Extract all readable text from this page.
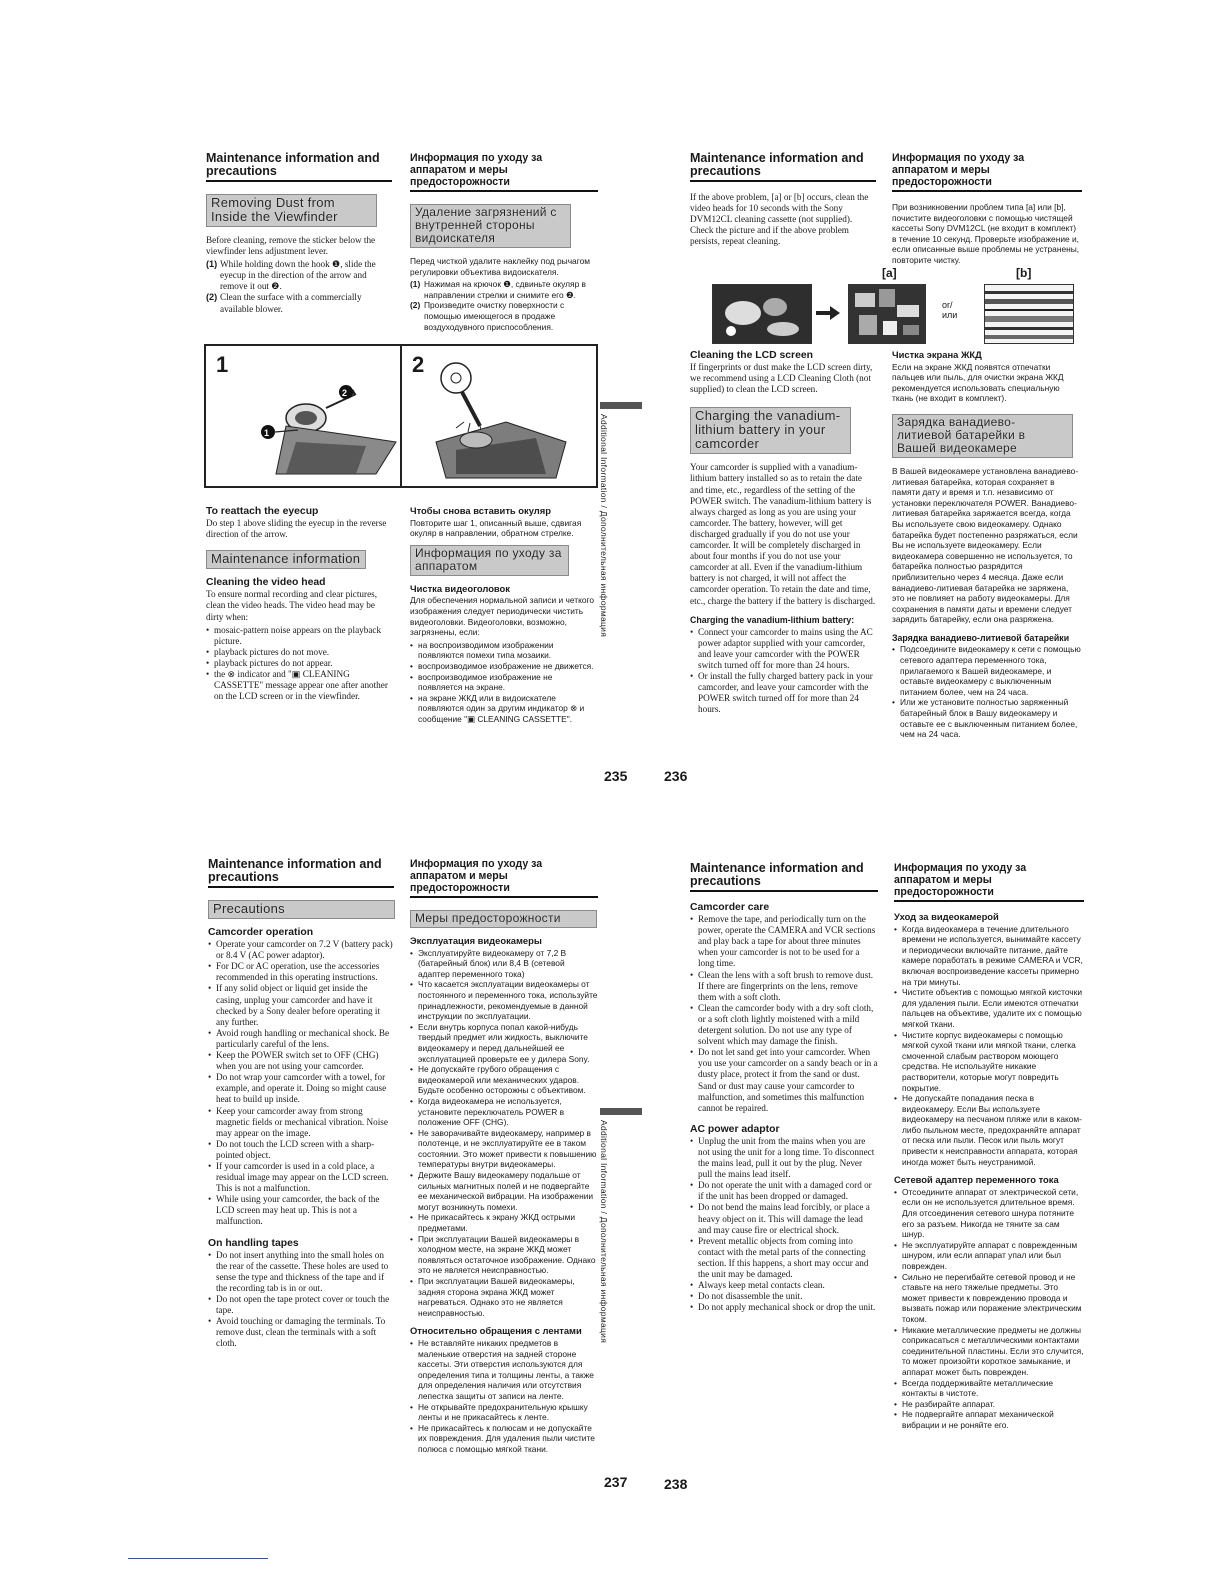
Maintenance information and precautions
Removing Dust from Inside the Viewfinder

Before cleaning, remove the sticker below the viewfinder lens adjustment lever.

(1) While holding down the hook ❶, slide the eyecup in the direction of the arrow and remove it out ❷.
(2) Clean the surface with a commercially available blower.
Информация по уходу за аппаратом и меры предосторожности
Удаление загрязнений с внутренней стороны видоискателя

Перед чисткой удалите наклейку под рычагом регулировки объектива видоискателя.

(1) Нажимая на крючок ❶, сдвиньте окуляр в направлении стрелки и снимите его ❷.
(2) Произведите очистку поверхности с помощью имеющегося в продаже воздуходувного приспособления.
1	2
2
1
To reattach the eyecup

Do step 1 above sliding the eyecup in the reverse direction of the arrow.

Maintenance information
Cleaning the video head

To ensure normal recording and clear pictures, clean the video heads. The video head may be dirty when:

• mosaic-pattern noise appears on the playback picture.
• playback pictures do not move.
• playback pictures do not appear.
• the ⊗ indicator and "▣ CLEANING CASSETTE" message appear one after another on the LCD screen or in the viewfinder.
Чтобы снова вставить окуляр

Повторите шаг 1, описанный выше, сдвигая окуляр в направлении, обратном стрелке.

Информация по уходу за аппаратом
Чистка видеоголовок

Для обеспечения нормальной записи и четкого изображения следует периодически чистить видеоголовки. Видеоголовки, возможно, загрязнены, если:

• на воспроизводимом изображении появляются помехи типа мозаики.
• воспроизводимое изображение не движется.
• воспроизводимое изображение не появляется на экране.
• на экране ЖКД или в видоискателе появляются один за другим индикатор ⊗ и сообщение "▣ CLEANING CASSETTE".
Additional Information / Дополнительная информация
235	236
Maintenance information and precautions

If the above problem, [a] or [b] occurs, clean the video heads for 10 seconds with the Sony DVM12CL cleaning cassette (not supplied). Check the picture and if the above problem persists, repeat cleaning.

Информация по уходу за аппаратом и меры предосторожности

При возникновении проблем типа [a] или [b], почистите видеоголовки с помощью чистящей кассеты Sony DVM12CL (не входит в комплект) в течение 10 секунд. Проверьте изображение и, если описанные выше проблемы не устранены, повторите чистку.

[a]	[b]
or/
или
Cleaning the LCD screen

If fingerprints or dust make the LCD screen dirty, we recommend using a LCD Cleaning Cloth (not supplied) to clean the LCD screen.

Charging the vanadium-lithium battery in your camcorder

Your camcorder is supplied with a vanadium-lithium battery installed so as to retain the date and time, etc., regardless of the setting of the POWER switch. The vanadium-lithium battery is always charged as long as you are using your camcorder. The battery, however, will get discharged gradually if you do not use your camcorder. It will be completely discharged in about four months if you do not use your camcorder at all. Even if the vanadium-lithium battery is not charged, it will not affect the camcorder operation. To retain the date and time, etc., charge the battery if the battery is discharged.

Charging the vanadium-lithium battery:
• Connect your camcorder to mains using the AC power adaptor supplied with your camcorder, and leave your camcorder with the POWER switch turned off for more than 24 hours.
• Or install the fully charged battery pack in your camcorder, and leave your camcorder with the POWER switch turned off for more than 24 hours.
Чистка экрана ЖКД

Если на экране ЖКД появятся отпечатки пальцев или пыль, для очистки экрана ЖКД рекомендуется использовать специальную ткань (не входит в комплект).

Зарядка ванадиево-литиевой батарейки в Вашей видеокамере

В Вашей видеокамере установлена ванадиево-литиевая батарейка, которая сохраняет в памяти дату и время и т.п. независимо от установки переключателя POWER. Ванадиево-литиевая батарейка заряжается всегда, когда Вы используете свою видеокамеру. Однако батарейка будет постепенно разряжаться, если Вы не используете видеокамеру. Если видеокамера совершенно не используется, то батарейка полностью разрядится приблизительно через 4 месяца. Даже если ванадиево-литиевая батарейка не заряжена, это не повлияет на работу видеокамеры. Для сохранения в памяти даты и времени следует зарядить батарейку, если она разряжена.

Зарядка ванадиево-литиевой батарейки
• Подсоедините видеокамеру к сети с помощью сетевого адаптера переменного тока, прилагаемого к Вашей видеокамере, и оставьте видеокамеру с выключенным питанием более, чем на 24 часа.
• Или же установите полностью заряженный батарейный блок в Вашу видеокамеру и оставьте ее с выключенным питанием более, чем на 24 часа.
Maintenance information and precautions
Precautions
Camcorder operation
• Operate your camcorder on 7.2 V (battery pack) or 8.4 V (AC power adaptor).
• For DC or AC operation, use the accessories recommended in this operating instructions.
• If any solid object or liquid get inside the casing, unplug your camcorder and have it checked by a Sony dealer before operating it any further.
• Avoid rough handling or mechanical shock. Be particularly careful of the lens.
• Keep the POWER switch set to OFF (CHG) when you are not using your camcorder.
• Do not wrap your camcorder with a towel, for example, and operate it. Doing so might cause heat to build up inside.
• Keep your camcorder away from strong magnetic fields or mechanical vibration. Noise may appear on the image.
• Do not touch the LCD screen with a sharp-pointed object.
• If your camcorder is used in a cold place, a residual image may appear on the LCD screen. This is not a malfunction.
• While using your camcorder, the back of the LCD screen may heat up. This is not a malfunction.
On handling tapes
• Do not insert anything into the small holes on the rear of the cassette. These holes are used to sense the type and thickness of the tape and if the recording tab is in or out.
• Do not open the tape protect cover or touch the tape.
• Avoid touching or damaging the terminals. To remove dust, clean the terminals with a soft cloth.
Информация по уходу за аппаратом и меры предосторожности
Меры предосторожности
Эксплуатация видеокамеры
• Эксплуатируйте видеокамеру от 7,2 В (батарейный блок) или 8,4 В (сетевой адаптер переменного тока)
• Что касается эксплуатации видеокамеры от постоянного и переменного тока, используйте принадлежности, рекомендуемые в данной инструкции по эксплуатации.
• Если внутрь корпуса попал какой-нибудь твердый предмет или жидкость, выключите видеокамеру и перед дальнейшей ее эксплуатацией проверьте ее у дилера Sony.
• Не допускайте грубого обращения с видеокамерой или механических ударов. Будьте особенно осторожны с объективом.
• Когда видеокамера не используется, установите переключатель POWER в положение OFF (CHG).
• Не заворачивайте видеокамеру, например в полотенце, и не эксплуатируйте ее в таком состоянии. Это может привести к повышению температуры внутри видеокамеры.
• Держите Вашу видеокамеру подальше от сильных магнитных полей и не подвергайте ее механической вибрации. На изображении могут возникнуть помехи.
• Не прикасайтесь к экрану ЖКД острыми предметами.
• При эксплуатации Вашей видеокамеры в холодном месте, на экране ЖКД может появляться остаточное изображение. Однако это не является неисправностью.
• При эксплуатации Вашей видеокамеры, задняя сторона экрана ЖКД может нагреваться. Однако это не является неисправностью.
Относительно обращения с лентами
• Не вставляйте никаких предметов в маленькие отверстия на задней стороне кассеты. Эти отверстия используются для определения типа и толщины ленты, а также для определения наличия или отсутствия лепестка защиты от записи на ленте.
• Не открывайте предохранительную крышку ленты и не прикасайтесь к ленте.
• Не прикасайтесь к полюсам и не допускайте их повреждения. Для удаления пыли чистите полюса с помощью мягкой ткани.
Additional Information / Дополнительная информация
237	238
Maintenance information and precautions
Camcorder care
• Remove the tape, and periodically turn on the power, operate the CAMERA and VCR sections and play back a tape for about three minutes when your camcorder is not to be used for a long time.
• Clean the lens with a soft brush to remove dust. If there are fingerprints on the lens, remove them with a soft cloth.
• Clean the camcorder body with a dry soft cloth, or a soft cloth lightly moistened with a mild detergent solution. Do not use any type of solvent which may damage the finish.
• Do not let sand get into your camcorder. When you use your camcorder on a sandy beach or in a dusty place, protect it from the sand or dust. Sand or dust may cause your camcorder to malfunction, and sometimes this malfunction cannot be repaired.
AC power adaptor
• Unplug the unit from the mains when you are not using the unit for a long time. To disconnect the mains lead, pull it out by the plug. Never pull the mains lead itself.
• Do not operate the unit with a damaged cord or if the unit has been dropped or damaged.
• Do not bend the mains lead forcibly, or place a heavy object on it. This will damage the lead and may cause fire or electrical shock.
• Prevent metallic objects from coming into contact with the metal parts of the connecting section. If this happens, a short may occur and the unit may be damaged.
• Always keep metal contacts clean.
• Do not disassemble the unit.
• Do not apply mechanical shock or drop the unit.
Информация по уходу за аппаратом и меры предосторожности
Уход за видеокамерой
• Когда видеокамера в течение длительного времени не используется, вынимайте кассету и периодически включайте питание, дайте камере поработать в режиме CAMERA и VCR, включая воспроизведение кассеты примерно на три минуты.
• Чистите объектив с помощью мягкой кисточки для удаления пыли. Если имеются отпечатки пальцев на объективе, удалите их с помощью мягкой ткани.
• Чистите корпус видеокамеры с помощью мягкой сухой ткани или мягкой ткани, слегка смоченной слабым раствором моющего средства. Не используйте никакие растворители, которые могут повредить покрытие.
• Не допускайте попадания песка в видеокамеру. Если Вы используете видеокамеру на песчаном пляже или в каком-либо пыльном месте, предохраняйте аппарат от песка или пыли. Песок или пыль могут привести к неисправности аппарата, которая иногда может быть неустранимой.
Сетевой адаптер переменного тока
• Отсоедините аппарат от электрической сети, если он не используется длительное время. Для отсоединения сетевого шнура потяните его за разъем. Никогда не тяните за сам шнур.
• Не эксплуатируйте аппарат с поврежденным шнуром, или если аппарат упал или был поврежден.
• Сильно не перегибайте сетевой провод и не ставьте на него тяжелые предметы. Это может привести к повреждению провода и вызвать пожар или поражение электрическим током.
• Никакие металлические предметы не должны соприкасаться с металлическими контактами соединительной пластины. Если это случится, то может произойти короткое замыкание, и аппарат может быть поврежден.
• Всегда поддерживайте металлические контакты в чистоте.
• Не разбирайте аппарат.
• Не подвергайте аппарат механической вибрации и не роняйте его.
